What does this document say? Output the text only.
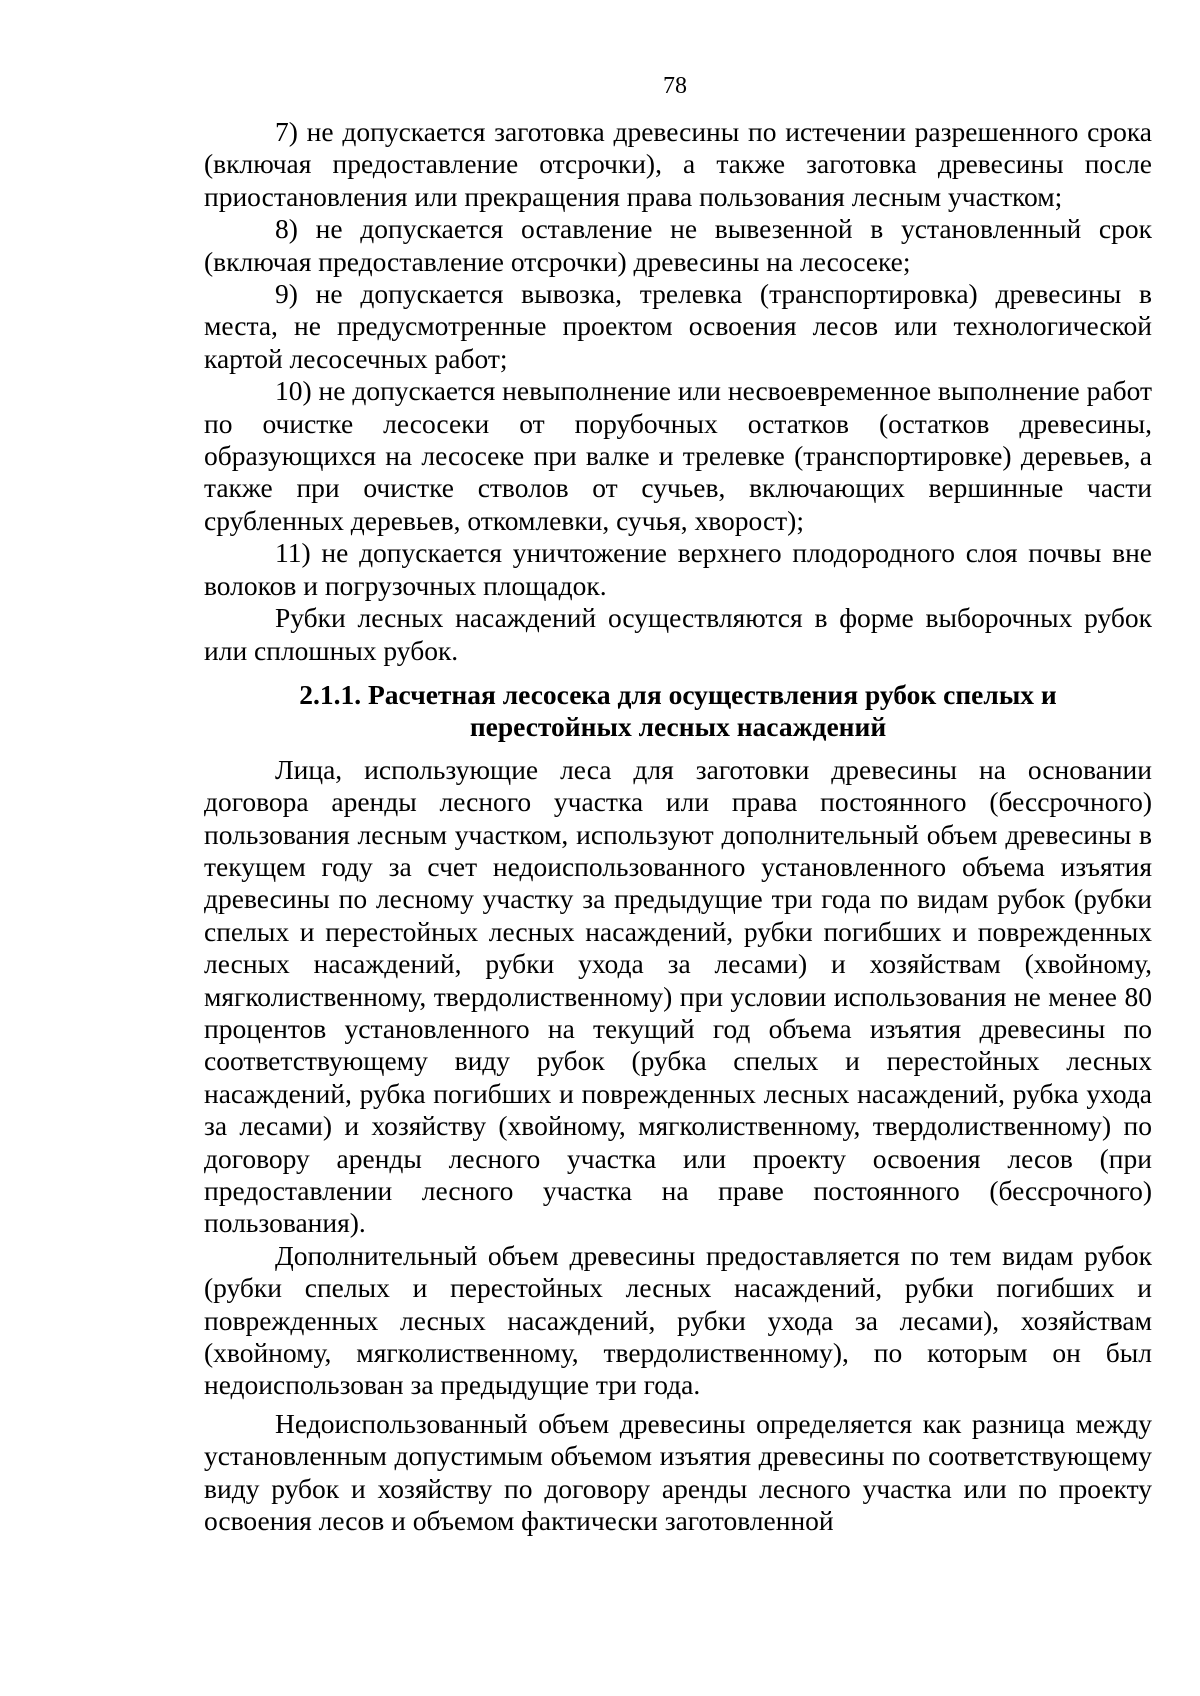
78

7) не допускается заготовка древесины по истечении разрешенного срока (включая предоставление отсрочки), а также заготовка древесины после приостановления или прекращения права пользования лесным участком;

8) не допускается оставление не вывезенной в установленный срок (включая предоставление отсрочки) древесины на лесосеке;

9) не допускается вывозка, трелевка (транспортировка) древесины в места, не предусмотренные проектом освоения лесов или технологической картой лесосечных работ;

10) не допускается невыполнение или несвоевременное выполнение работ по очистке лесосеки от порубочных остатков (остатков древесины, образующихся на лесосеке при валке и трелевке (транспортировке) деревьев, а также при очистке стволов от сучьев, включающих вершинные части срубленных деревьев, откомлевки, сучья, хворост);

11) не допускается уничтожение верхнего плодородного слоя почвы вне волоков и погрузочных площадок.

Рубки лесных насаждений осуществляются в форме выборочных рубок или сплошных рубок.

2.1.1. Расчетная лесосека для осуществления рубок спелых и
перестойных лесных насаждений

Лица, использующие леса для заготовки древесины на основании договора аренды лесного участка или права постоянного (бессрочного) пользования лесным участком, используют дополнительный объем древесины в текущем году за счет недоиспользованного установленного объема изъятия древесины по лесному участку за предыдущие три года по видам рубок (рубки спелых и перестойных лесных насаждений, рубки погибших и поврежденных лесных насаждений, рубки ухода за лесами) и хозяйствам (хвойному, мягколиственному, твердолиственному) при условии использования не менее 80 процентов установленного на текущий год объема изъятия древесины по соответствующему виду рубок (рубка спелых и перестойных лесных насаждений, рубка погибших и поврежденных лесных насаждений, рубка ухода за лесами) и хозяйству (хвойному, мягколиственному, твердолиственному) по договору аренды лесного участка или проекту освоения лесов (при предоставлении лесного участка на праве постоянного (бессрочного) пользования).

Дополнительный объем древесины предоставляется по тем видам рубок (рубки спелых и перестойных лесных насаждений, рубки погибших и поврежденных лесных насаждений, рубки ухода за лесами), хозяйствам (хвойному, мягколиственному, твердолиственному), по которым он был недоиспользован за предыдущие три года.

Недоиспользованный объем древесины определяется как разница между установленным допустимым объемом изъятия древесины по соответствующему виду рубок и хозяйству по договору аренды лесного участка или по проекту освоения лесов и объемом фактически заготовленной
